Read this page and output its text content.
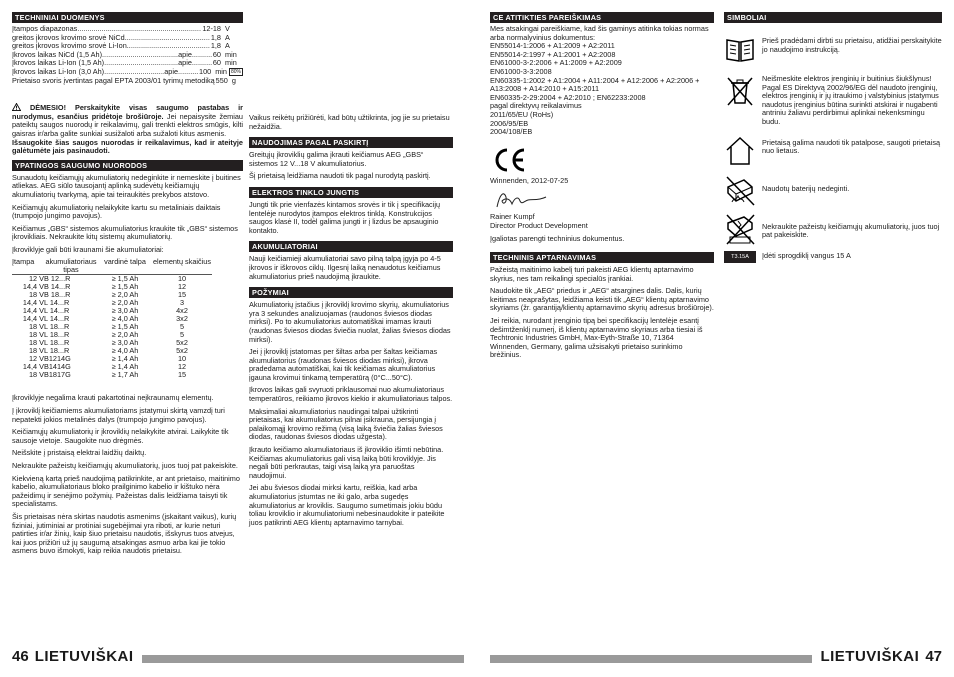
TECHNINIAI DUOMENYS
Įtampos diapazonas .....	12-18 V
greitos įkrovos krovimo srovė NiCd .....	1,8 A
greitos įkrovos krovimo srovė Li-Ion .....	1,8 A
Įkrovos laikas NiCd (1,5 Ah) .....	apie .....	60 min
Įkrovos laikas Li-Ion (1,5 Ah) .....	apie .....	60 min
Įkrovos laikas Li-Ion (3,0 Ah) .....	apie .....	100 min 80%
Prietaiso svoris įvertintas pagal EPTA 2003/01 tyrimų metodiką 550 g

DĖMESIO! Perskaitykite visas saugumo pastabas ir nurodymus, esančius pridėtoje brošiūroje. Jei nepaisysite žemiau pateiktų saugos nuorodų ir reikalavimų, gali trenkti elektros smūgis, kilti gaisras ir/arba galite sunkiai susižaloti arba sužaloti kitus asmenis.
Išsaugokite šias saugos nuorodas ir reikalavimus, kad ir ateityje galėtumėte jais pasinaudoti.

YPATINGOS SAUGUMO NUORODOS

Sunaudotų keičiamųjų akumuliatorių nedeginkite ir nemeskite į buitines atliekas. AEG siūlo tausojantį aplinką sudėvėtų keičiamųjų akumuliatorių tvarkymą, apie tai teiraukitės prekybos atstovo.

Keičiamųjų akumuliatorių nelaikykite kartu su metaliniais daiktais (trumpojo jungimo pavojus).

Keičiamus „GBS“ sistemos akumuliatorius kraukite tik „GBS“ sistemos įkrovikliais. Nekraukite kitų sistemų akumuliatorių.

Įkroviklyje gali būti kraunami šie akumuliatoriai:

Įtampa	akumuliatoriaus tipas	vardinė talpa	elementų skaičius
12 V	B 12...R	≥ 1,5 Ah	10
14,4 V	B 14...R	≥ 1,5 Ah	12
18 V	B 18...R	≥ 2,0 Ah	15
14,4 V	L 14...R	≥ 2,0 Ah	3
14,4 V	L 14...R	≥ 3,0 Ah	4x2
14,4 V	L 14...R	≥ 4,0 Ah	3x2
18 V	L 18...R	≥ 1,5 Ah	5
18 V	L 18...R	≥ 2,0 Ah	5
18 V	L 18...R	≥ 3,0 Ah	5x2
18 V	L 18...R	≥ 4,0 Ah	5x2
12 V	B1214G	≥ 1,4 Ah	10
14,4 V	B1414G	≥ 1,4 Ah	12
18 V	B1817G	≥ 1,7 Ah	15

Įkroviklyje negalima krauti pakartotinai neįkraunamų elementų.

Į įkroviklį keičiamiems akumuliatoriams įstatymui skirtą vamzdį turi nepatekti jokios metalinės dalys (trumpojo jungimo pavojus).

Keičiamųjų akumuliatorių ir įkroviklių nelaikykite atvirai. Laikykite tik sausoje vietoje. Saugokite nuo drėgmės.

Neišskite į pristaisą elektrai laidžių daiktų.

Nekraukite pažeistų keičiamųjų akumuliatorių, juos tuoj pat pakeiskite.

Kiekvieną kartą prieš naudojimą patikrinkite, ar ant prietaiso, maitinimo kabelio, akumuliatoriaus bloko prailginimo kabelio ir kištuko nėra pažeidimų ir senėjimo požymių. Pažeistas dalis leidžiama taisyti tik specialistams.

Šis prietaisas nėra skirtas naudotis asmenims (įskaitant vaikus), kurių fiziniai, jutiminiai ar protiniai sugebėjimai yra riboti, ar kurie neturi patirties ir/ar žinių, kaip šiuo prietaisu naudotis, išskyrus tuos atvejus, kai juos prižiūri už jų saugumą atsakingas asmuo arba kai jie tokio asmens buvo išmokyti, kaip reikia naudotis prietaisu.

Vaikus reikėtų prižiūrėti, kad būtų užtikrinta, jog jie su prietaisu nežaidžia.

NAUDOJIMAS PAGAL PASKIRTĮ

Greitųjų įkroviklių galima įkrauti keičiamus AEG „GBS“ sistemos 12 V...18 V akumuliatorius.

Šį prietaisą leidžiama naudoti tik pagal nurodytą paskirtį.

ELEKTROS TINKLO JUNGTIS

Jungti tik prie vienfazės kintamos srovės ir tik į specifikacijų lentelėje nurodytos įtampos elektros tinklą. Konstrukcijos saugos klasė II, todėl galima jungti ir į lizdus be apsauginio kontakto.

AKUMULIATORIAI

Nauji keičiamieji akumuliatoriai savo pilną talpą įgyja po 4-5 įkrovos ir iškrovos ciklų. Ilgesnį laiką nenaudotus keičiamus akumuliatorius prieš naudojimą įkraukite.

POŽYMIAI

Akumuliatorių įstačius į įkroviklį krovimo skyrių, akumuliatorius yra 3 sekundes analizuojamas (raudonos šviesos diodas mirksi). Po to akumuliatorius automatiškai imamas krauti (raudonas šviesos diodas šviečia nuolat, žalias šviesos diodas mirksi).

Jei į įkroviklį įstatomas per šiltas arba per šaltas keičiamas akumuliatorius (raudonas šviesos diodas mirksi), įkrova pradedama automatiškai, kai tik keičiamas akumuliatorius įgauna krovimui tinkamą temperatūrą (0°C...50°C).

Įkrovos laikas gali svyruoti priklausomai nuo akumuliatoriaus temperatūros, reikiamo įkrovos kiekio ir akumuliatoriaus talpos.

Maksimaliai akumuliatorius naudingai talpai užtikrinti prietaisas, kai akumuliatorius pilnai įsikrauna, persijungia į palaikomąjį krovimo režimą (visą laiką šviečia žalias šviesos diodas, raudonas šviesos diodas užgesta).

Įkrauto keičiamo akumuliatoriaus iš įkroviklio išimti nebūtina. Keičiamas akumuliatorius gali visą laiką būti kroviklyje. Jis negali būti perkrautas, taigi visą laiką yra paruoštas naudojimui.

Jei abu šviesos diodai mirksi kartu, reiškia, kad arba akumuliatorius įstumtas ne iki galo, arba sugedęs akumuliatorius ar kroviklis. Saugumo sumetimais jokiu būdu toliau kroviklio ir akumuliatoriumi nebesinaudokite ir pateikite juos patikrinti AEG klientų aptarnavimo tarnybai.

CE ATITIKTIES PAREIŠKIMAS
Mes atsakingai pareiškiame, kad šis gaminys atitinka tokias normas arba normalyvinius dokumentus:
EN55014-1:2006 + A1:2009 + A2:2011
EN55014-2:1997 + A1:2001 + A2:2008
EN61000-3-2:2006 + A1:2009 + A2:2009
EN61000-3-3:2008
EN60335-1:2002 + A1:2004 + A11:2004 + A12:2006 + A2:2006 + A13:2008 + A14:2010 + A15:2011
EN60335-2-29:2004 + A2:2010 ; EN62233:2008
pagal direktyvų reikalavimus
2011/65/EU (RoHs)
2006/95/EB
2004/108/EB

Winnenden, 2012-07-25

Rainer Kumpf
Director Product Development

Įgaliotas parengti techninius dokumentus.

TECHNINIS APTARNAVIMAS

Pažeistą maitinimo kabelį turi pakeisti AEG klientų aptarnavimo skyrius, nes tam reikalingi specialūs įrankiai.

Naudokite tik „AEG“ priedus ir „AEG“ atsargines dalis. Dalis, kurių keitimas neaprašytas, leidžiama keisti tik „AEG“ klientų aptarnavimo skyriams (žr. garantiją/klientų aptarnavimo skyrių adresus brošiūroje).

Jei reikia, nurodant įrenginio tipą bei specifikacijų lentelėje esantį dešimtženklį numerį, iš klientų aptarnavimo skyriaus arba tiesiai iš Techtronic Industries GmbH, Max-Eyth-Straße 10, 71364 Winnenden, Germany, galima užsisakyti prietaiso surinkimo brėžinius.

SIMBOLIAI
Prieš pradėdami dirbti su prietaisu, atidžiai perskaitykite jo naudojimo instrukciją.
Neišmeskite elektros įrenginių ir buitinius šiukšlynus! Pagal ES Direktyvą 2002/96/EG dėl naudoto įrenginių, elektros įrenginių ir jų itraukimo į valstybinius įstatymus naudotus įrenginius būtina surinkti atskirai ir nugabenti antriniu žaliavu perdirbimui aplinkai nekenksmingu budu.
Prietaisą galima naudoti tik patalpose, saugoti prietaisą nuo lietaus.
Naudotų baterijų nedeginti.
Nekraukite pažeistų keičiamųjų akumuliatorių, juos tuoj pat pakeiskite.
T3.15A Įdėti sprogdiklį vangus 15 A
46 LIETUVIŠKAI	LIETUVIŠKAI 47
